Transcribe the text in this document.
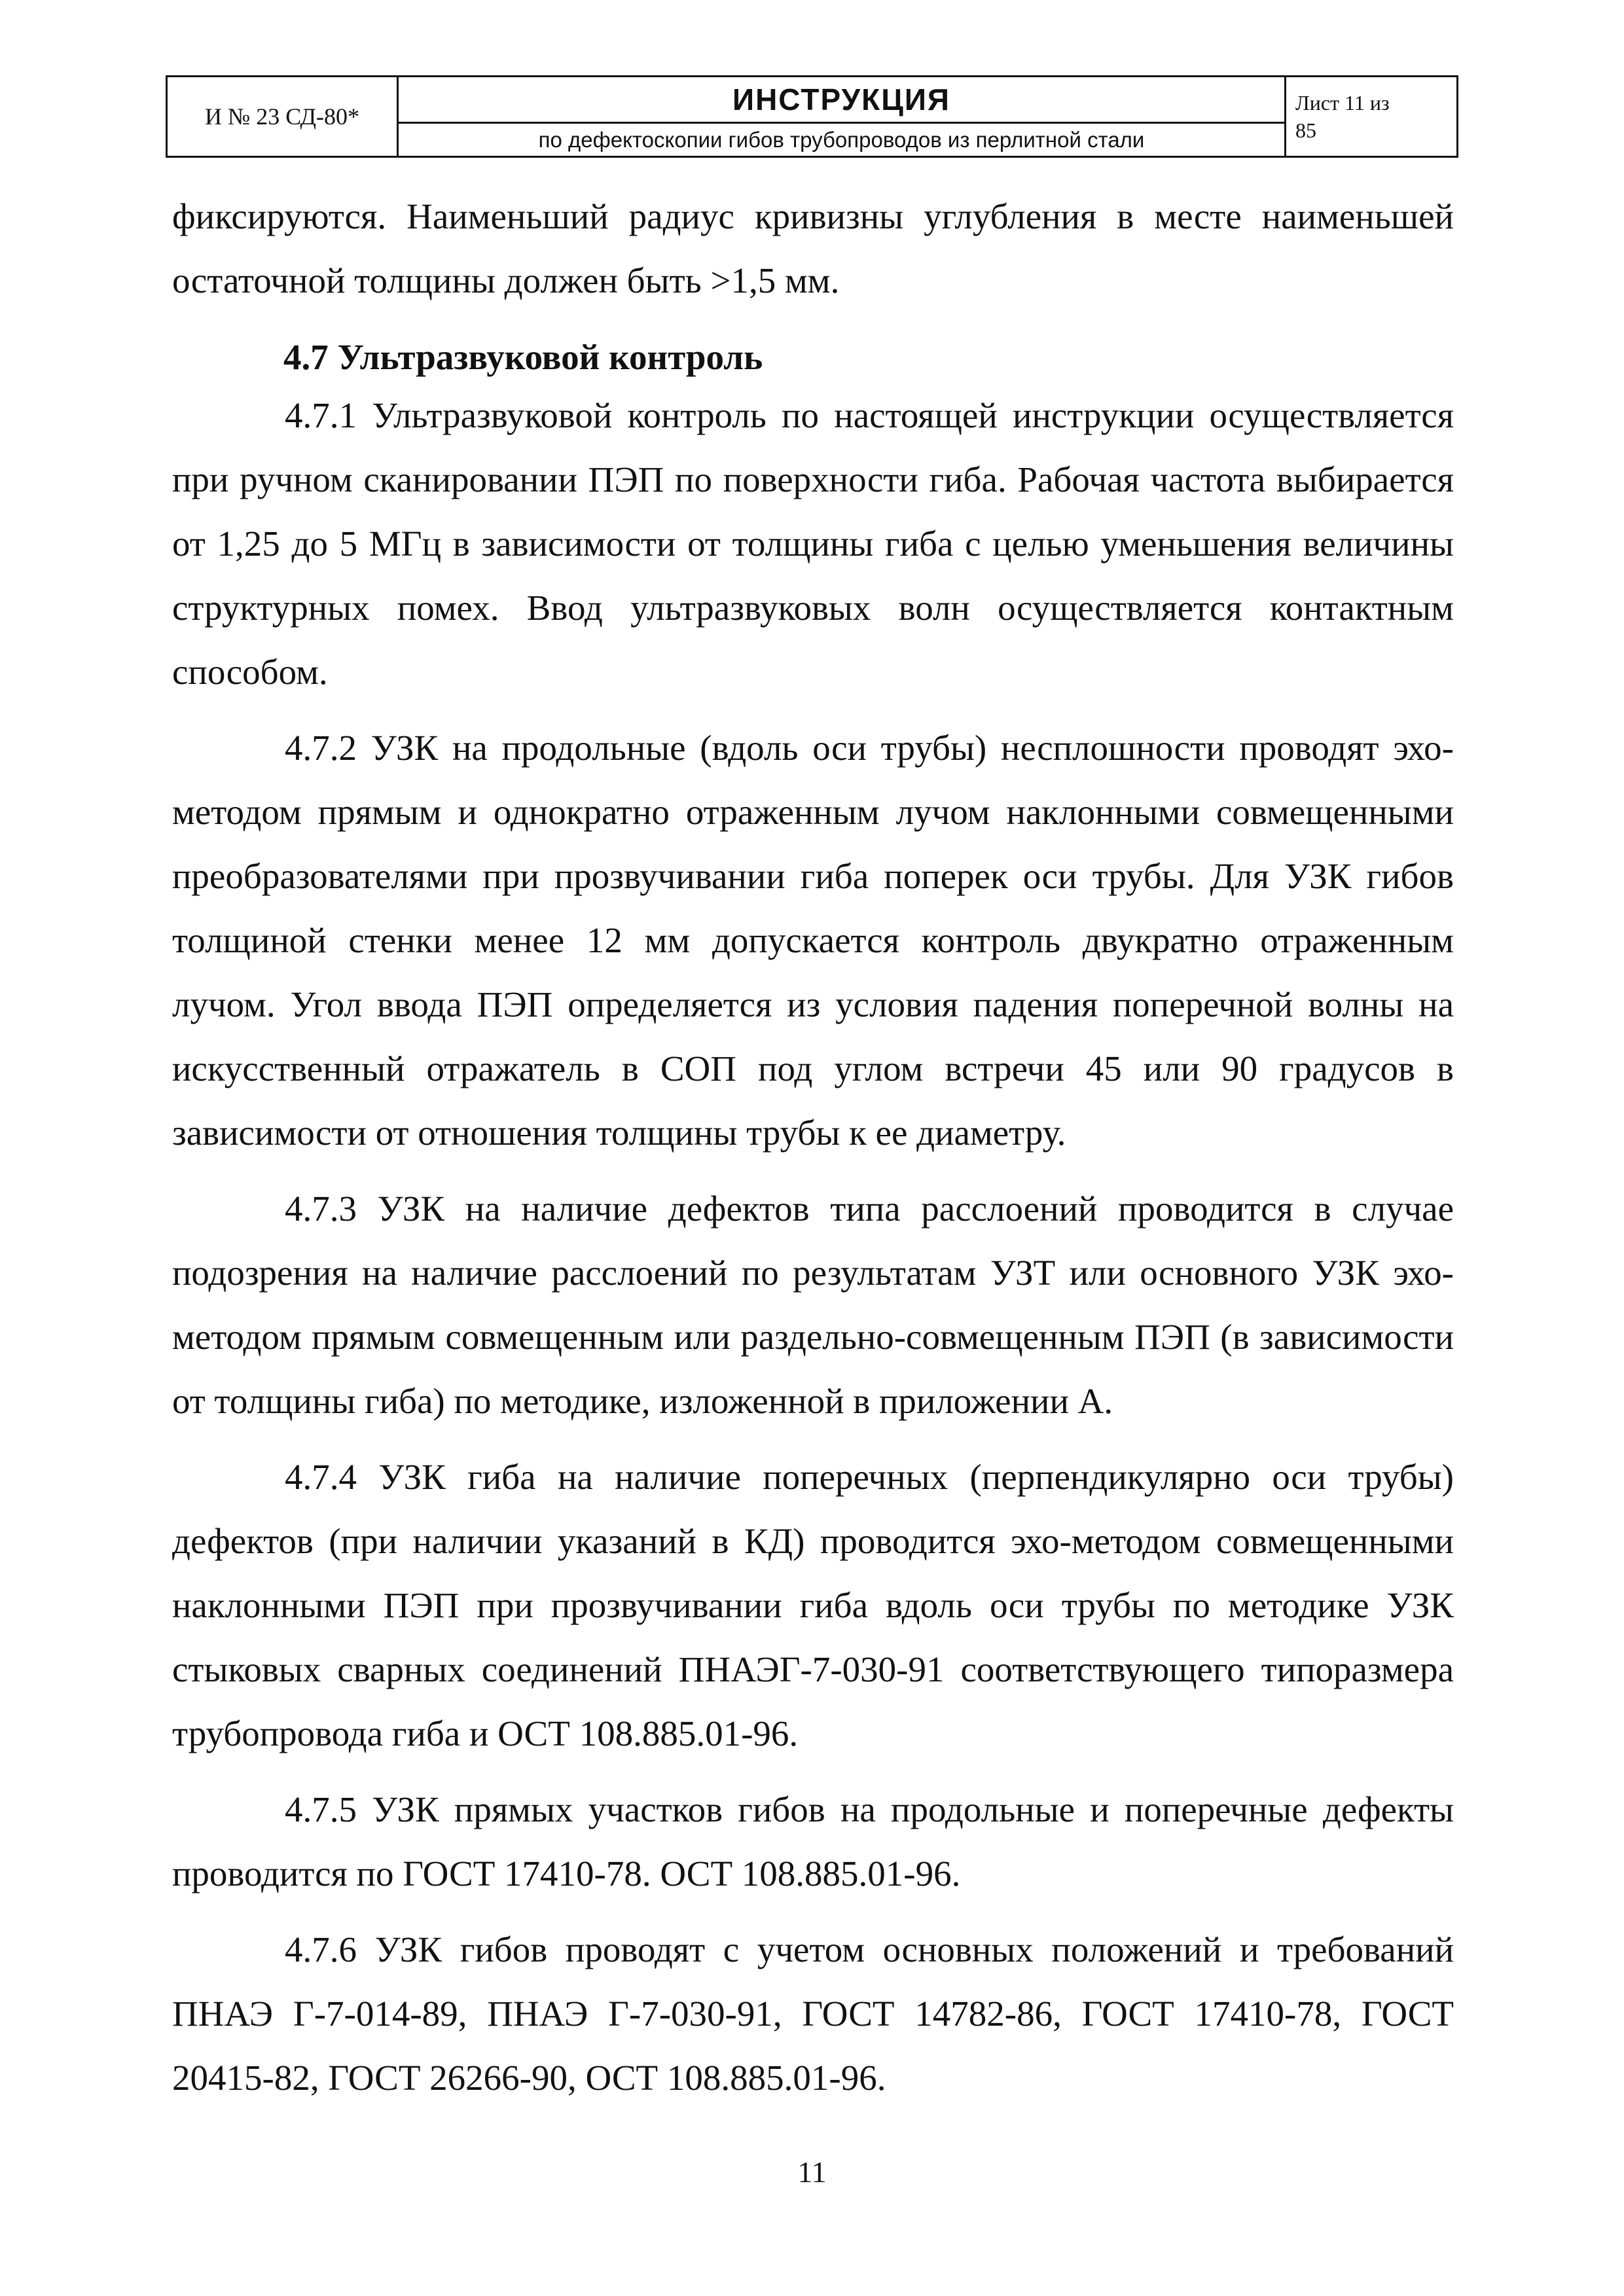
И № 23 СД-80*	ИНСТРУКЦИЯ
по дефектоскопии гибов трубопроводов из перлитной стали
Лист 11 из
85

фиксируются. Наименьший радиус кривизны углубления в месте наименьшей остаточной толщины должен быть >1,5 мм.

4.7 Ультразвуковой контроль

4.7.1 Ультразвуковой контроль по настоящей инструкции осуществляется при ручном сканировании ПЭП по поверхности гиба. Рабочая частота выбирается от 1,25 до 5 МГц в зависимости от толщины гиба с целью уменьшения величины структурных помех. Ввод ультразвуковых волн осуществляется контактным способом.

4.7.2 УЗК на продольные (вдоль оси трубы) несплошности проводят эхо-методом прямым и однократно отраженным лучом наклонными совмещенными преобразователями при прозвучивании гиба поперек оси трубы. Для УЗК гибов толщиной стенки менее 12 мм допускается контроль двукратно отраженным лучом. Угол ввода ПЭП определяется из условия падения поперечной волны на искусственный отражатель в СОП под углом встречи 45 или 90 градусов в зависимости от отношения толщины трубы к ее диаметру.

4.7.3 УЗК на наличие дефектов типа расслоений проводится в случае подозрения на наличие расслоений по результатам УЗТ или основного УЗК эхо-методом прямым совмещенным или раздельно-совмещенным ПЭП (в зависимости от толщины гиба) по методике, изложенной в приложении А.

4.7.4 УЗК гиба на наличие поперечных (перпендикулярно оси трубы) дефектов (при наличии указаний в КД) проводится эхо-методом совмещенными наклонными ПЭП при прозвучивании гиба вдоль оси трубы по методике УЗК стыковых сварных соединений ПНАЭГ-7-030-91 соответствующего типоразмера трубопровода гиба и ОСТ 108.885.01-96.

4.7.5 УЗК прямых участков гибов на продольные и поперечные дефекты проводится по ГОСТ 17410-78. ОСТ 108.885.01-96.

4.7.6 УЗК гибов проводят с учетом основных положений и требований ПНАЭ Г-7-014-89, ПНАЭ Г-7-030-91, ГОСТ 14782-86, ГОСТ 17410-78, ГОСТ 20415-82, ГОСТ 26266-90, ОСТ 108.885.01-96.

11
